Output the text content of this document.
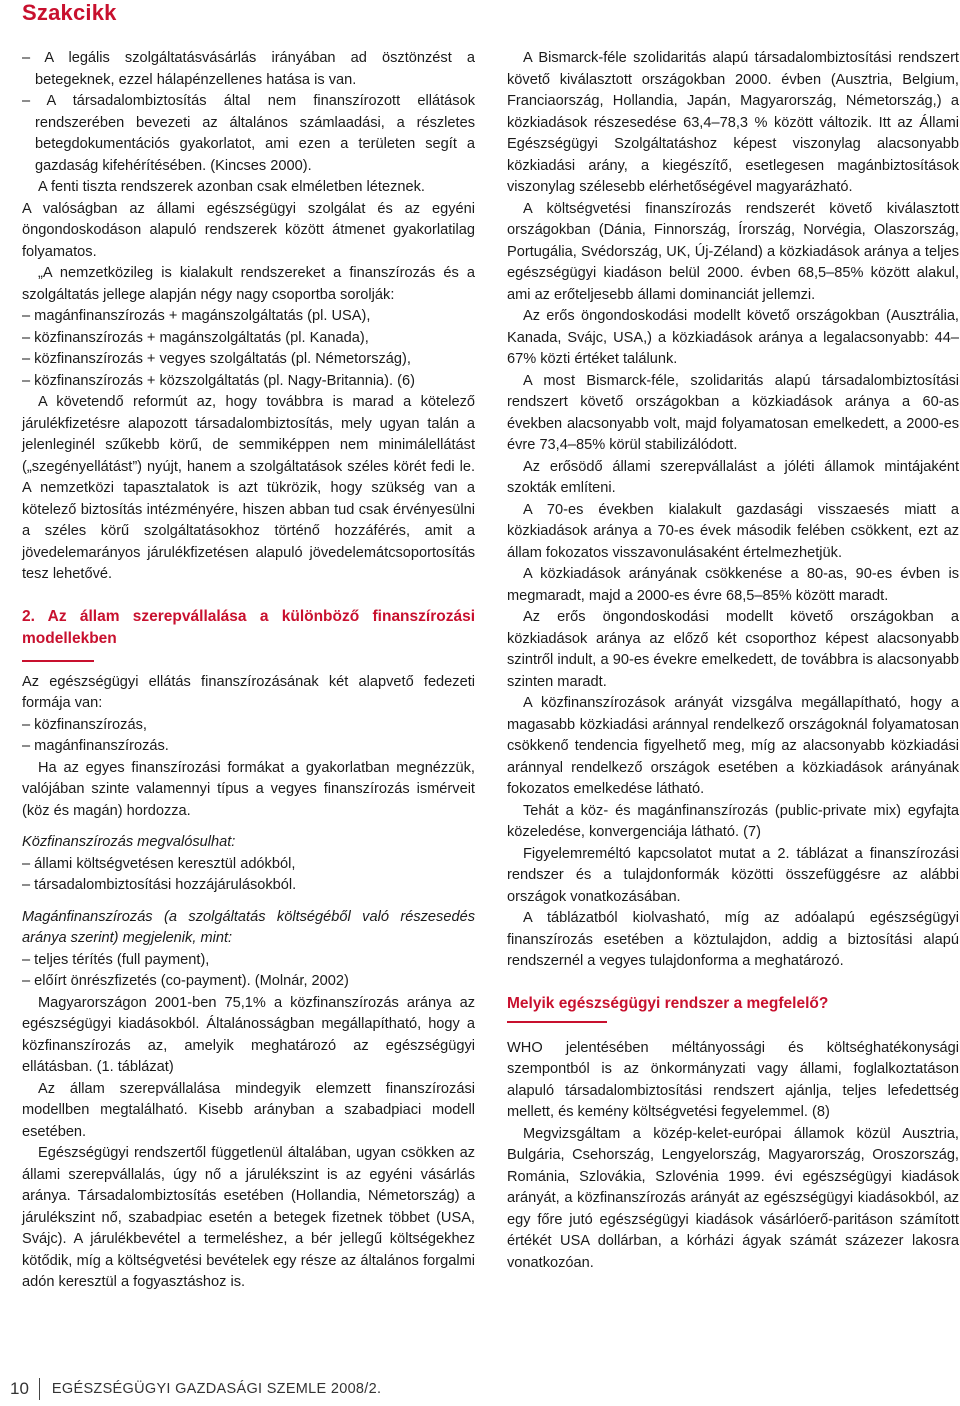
Szakcikk

– A legális szolgáltatásvásárlás irányában ad ösztönzést a betegeknek, ezzel hálapénzellenes hatása is van.

– A társadalombiztosítás által nem finanszírozott ellátások rendszerében bevezeti az általános számlaadási, a részletes betegdokumentációs gyakorlatot, ami ezen a területen segít a gazdaság kifehérítésében. (Kincses 2000).

A fenti tiszta rendszerek azonban csak elméletben léteznek.

A valóságban az állami egészségügyi szolgálat és az egyéni öngondoskodáson alapuló rendszerek között átmenet gyakorlatilag folyamatos.

„A nemzetközileg is kialakult rendszereket a finanszírozás és a szolgáltatás jellege alapján négy nagy csoportba sorolják:

– magánfinanszírozás + magánszolgáltatás (pl. USA),

– közfinanszírozás + magánszolgáltatás (pl. Kanada),

– közfinanszírozás + vegyes szolgáltatás (pl. Németország),

– közfinanszírozás + közszolgáltatás (pl. Nagy-Britannia). (6)

A követendő reformút az, hogy továbbra is marad a kötelező járulékfizetésre alapozott társadalombiztosítás, mely ugyan talán a jelenleginél szűkebb körű, de semmiképpen nem minimálellátást („szegényellátást”) nyújt, hanem a szolgáltatások széles körét fedi le. A nemzetközi tapasztalatok is azt tükrözik, hogy szükség van a kötelező biztosítás intézményére, hiszen abban tud csak érvényesülni a széles körű szolgáltatásokhoz történő hozzáférés, amit a jövedelemarányos járulékfizetésen alapuló jövedelemátcsoportosítás tesz lehetővé.

2. Az állam szerepvállalása a különböző finanszírozási modellekben

Az egészségügyi ellátás finanszírozásának két alapvető fedezeti formája van:

– közfinanszírozás,

– magánfinanszírozás.

Ha az egyes finanszírozási formákat a gyakorlatban megnézzük, valójában szinte valamennyi típus a vegyes finanszírozás ismérveit (köz és magán) hordozza.

Közfinanszírozás megvalósulhat:

– állami költségvetésen keresztül adókból,

– társadalombiztosítási hozzájárulásokból.

Magánfinanszírozás (a szolgáltatás költségéből való részesedés aránya szerint) megjelenik, mint:

– teljes térítés (full payment),

– előírt önrészfizetés (co-payment). (Molnár, 2002)

Magyarországon 2001-ben 75,1% a közfinanszírozás aránya az egészségügyi kiadásokból. Általánosságban megállapítható, hogy a közfinanszírozás az, amelyik meghatározó az egészségügyi ellátásban. (1. táblázat)

Az állam szerepvállalása mindegyik elemzett finanszírozási modellben megtalálható. Kisebb arányban a szabadpiaci modell esetében.

Egészségügyi rendszertől függetlenül általában, ugyan csökken az állami szerepvállalás, úgy nő a járulékszint is az egyéni vásárlás aránya. Társadalombiztosítás esetében (Hollandia, Németország) a járulékszint nő, szabadpiac esetén a betegek fizetnek többet (USA, Svájc). A járulékbevétel a termeléshez, a bér jellegű költségekhez kötődik, míg a költségvetési bevételek egy része az általános forgalmi adón keresztül a fogyasztáshoz is.

A Bismarck-féle szolidaritás alapú társadalombiztosítási rendszert követő kiválasztott országokban 2000. évben (Ausztria, Belgium, Franciaország, Hollandia, Japán, Magyarország, Németország,) a közkiadások részesedése 63,4–78,3 % között változik. Itt az Állami Egészségügyi Szolgáltatáshoz képest viszonylag alacsonyabb közkiadási arány, a kiegészítő, esetlegesen magánbiztosítások viszonylag szélesebb elérhetőségével magyarázható.

A költségvetési finanszírozás rendszerét követő kiválasztott országokban (Dánia, Finnország, Írország, Norvégia, Olaszország, Portugália, Svédország, UK, Új-Zéland) a közkiadások aránya a teljes egészségügyi kiadáson belül 2000. évben 68,5–85% között alakul, ami az erőteljesebb állami dominanciát jellemzi.

Az erős öngondoskodási modellt követő országokban (Ausztrália, Kanada, Svájc, USA,) a közkiadások aránya a legalacsonyabb: 44–67% közti értéket találunk.

A most Bismarck-féle, szolidaritás alapú társadalombiztosítási rendszert követő országokban a közkiadások aránya a 60-as években alacsonyabb volt, majd folyamatosan emelkedett, a 2000-es évre 73,4–85% körül stabilizálódott.

Az erősödő állami szerepvállalást a jóléti államok mintájaként szokták említeni.

A 70-es években kialakult gazdasági visszaesés miatt a közkiadások aránya a 70-es évek második felében csökkent, ezt az állam fokozatos visszavonulásaként értelmezhetjük.

A közkiadások arányának csökkenése a 80-as, 90-es évben is megmaradt, majd a 2000-es évre 68,5–85% között maradt.

Az erős öngondoskodási modellt követő országokban a közkiadások aránya az előző két csoporthoz képest alacsonyabb szintről indult, a 90-es évekre emelkedett, de továbbra is alacsonyabb szinten maradt.

A közfinanszírozások arányát vizsgálva megállapítható, hogy a magasabb közkiadási aránnyal rendelkező országoknál folyamatosan csökkenő tendencia figyelhető meg, míg az alacsonyabb közkiadási aránnyal rendelkező országok esetében a közkiadások arányának fokozatos emelkedése látható.

Tehát a köz- és magánfinanszírozás (public-private mix) egyfajta közeledése, konvergenciája látható. (7)

Figyelemreméltó kapcsolatot mutat a 2. táblázat a finanszírozási rendszer és a tulajdonformák közötti összefüggésre az alábbi országok vonatkozásában.

A táblázatból kiolvasható, míg az adóalapú egészségügyi finanszírozás esetében a köztulajdon, addig a biztosítási alapú rendszernél a vegyes tulajdonforma a meghatározó.

Melyik egészségügyi rendszer a megfelelő?

WHO jelentésében méltányossági és költséghatékonysági szempontból is az önkormányzati vagy állami, foglalkoztatáson alapuló társadalombiztosítási rendszert ajánlja, teljes lefedettség mellett, és kemény költségvetési fegyelemmel. (8)

Megvizsgáltam a közép-kelet-európai államok közül Ausztria, Bulgária, Csehország, Lengyelország, Magyarország, Oroszország, Románia, Szlovákia, Szlovénia 1999. évi egészségügyi kiadások arányát, a közfinanszírozás arányát az egészségügyi kiadásokból, az egy főre jutó egészségügyi kiadások vásárlóerő-paritáson számított értékét USA dollárban, a kórházi ágyak számát százezer lakosra vonatkozóan.

10 EGÉSZSÉGÜGYI GAZDASÁGI SZEMLE 2008/2.
